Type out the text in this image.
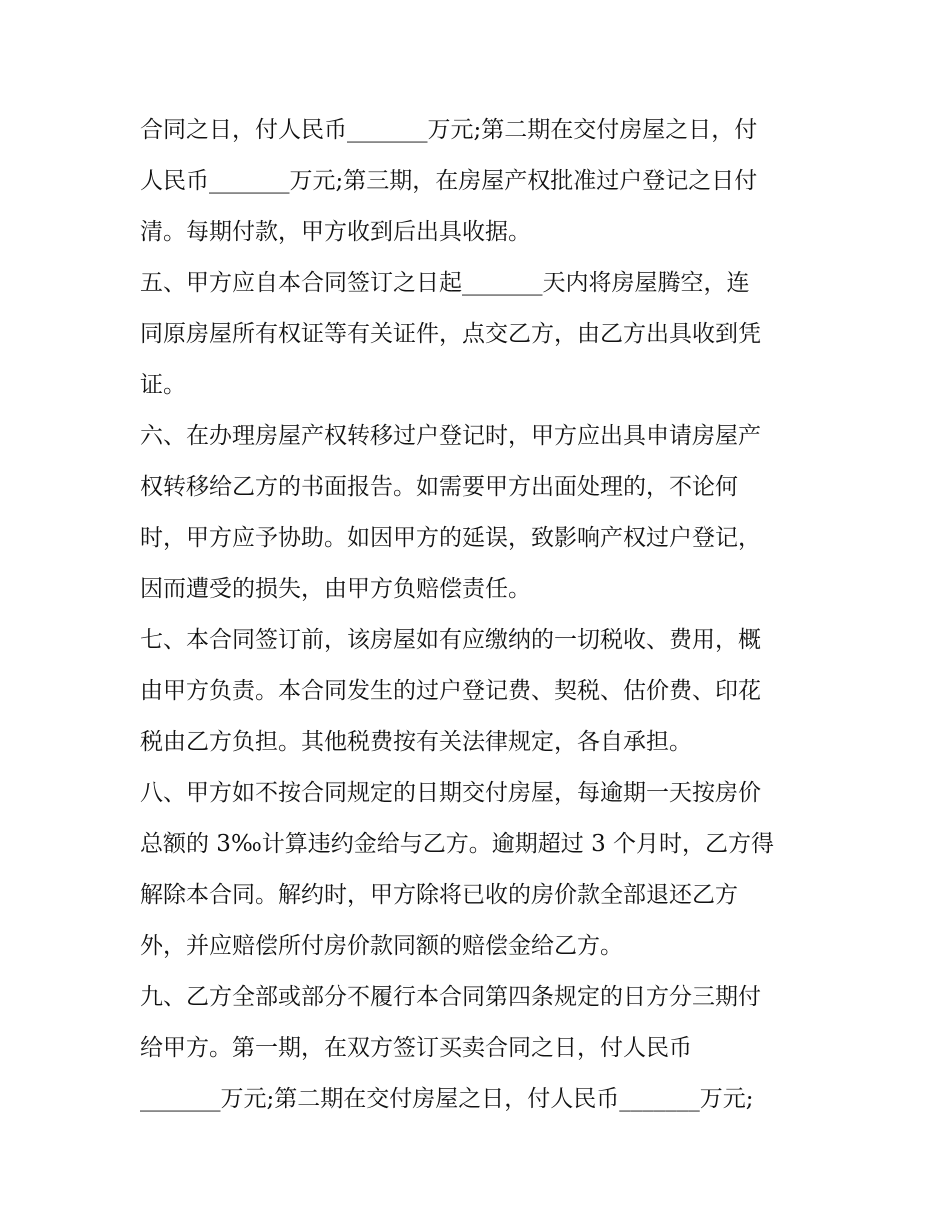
合同之日，付人民币_______万元;第二期在交付房屋之日，付
人民币_______万元;第三期，在房屋产权批准过户登记之日付
清。每期付款，甲方收到后出具收据。
五、甲方应自本合同签订之日起_______天内将房屋腾空，连
同原房屋所有权证等有关证件，点交乙方，由乙方出具收到凭
证。
六、在办理房屋产权转移过户登记时，甲方应出具申请房屋产
权转移给乙方的书面报告。如需要甲方出面处理的，不论何
时，甲方应予协助。如因甲方的延误，致影响产权过户登记，
因而遭受的损失，由甲方负赔偿责任。
七、本合同签订前，该房屋如有应缴纳的一切税收、费用，概
由甲方负责。本合同发生的过户登记费、契税、估价费、印花
税由乙方负担。其他税费按有关法律规定，各自承担。
八、甲方如不按合同规定的日期交付房屋，每逾期一天按房价
总额的 3‰计算违约金给与乙方。逾期超过 3 个月时，乙方得
解除本合同。解约时，甲方除将已收的房价款全部退还乙方
外，并应赔偿所付房价款同额的赔偿金给乙方。
九、乙方全部或部分不履行本合同第四条规定的日方分三期付
给甲方。第一期，在双方签订买卖合同之日，付人民币
_______万元;第二期在交付房屋之日，付人民币_______万元;
